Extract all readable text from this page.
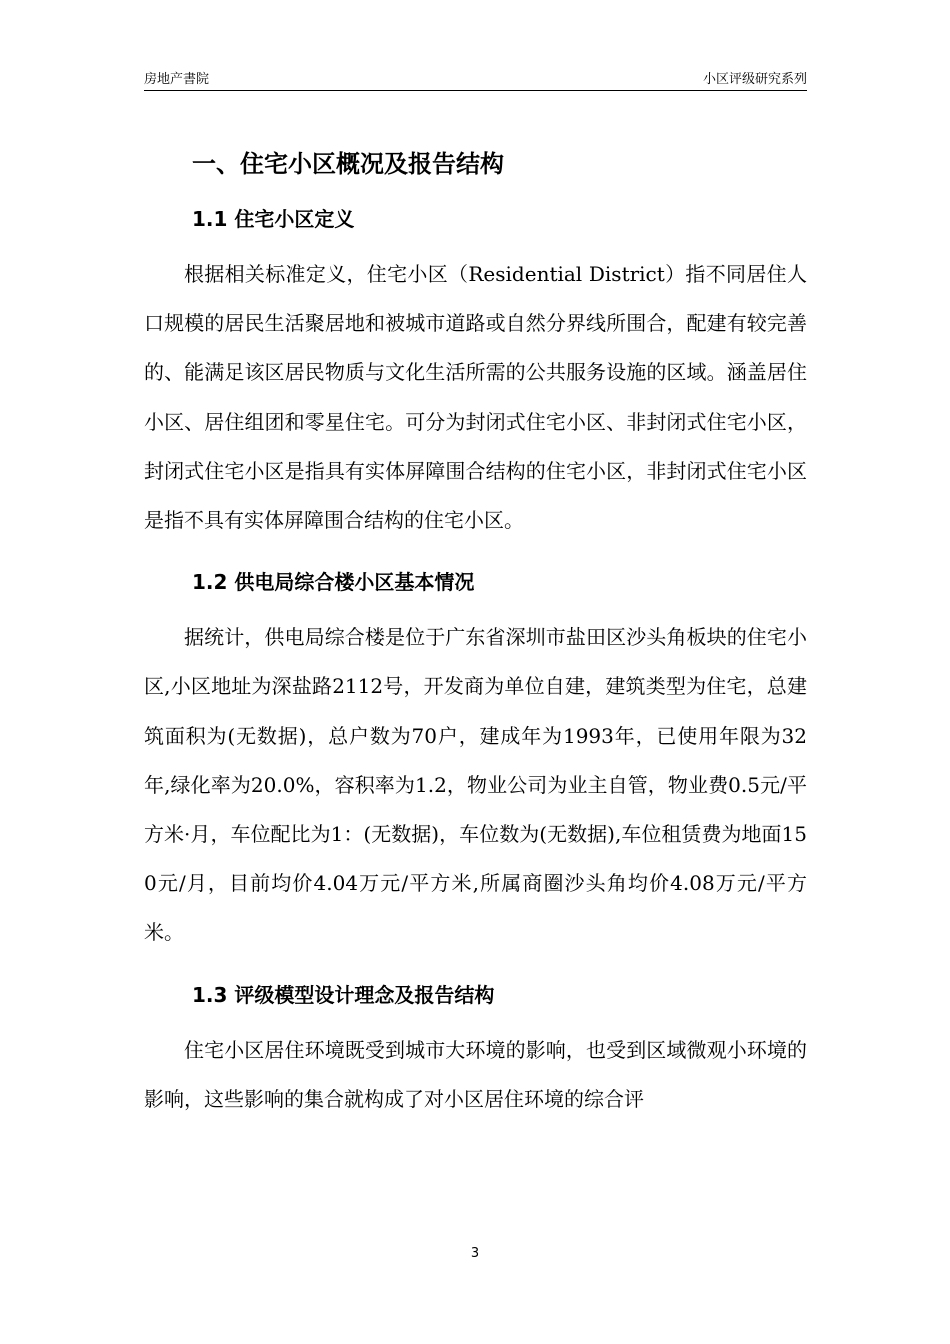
房地产書院	小区评级研究系列
一、住宅小区概况及报告结构
1.1 住宅小区定义

根据相关标准定义，住宅小区（Residential District）指不同居住人口规模的居民生活聚居地和被城市道路或自然分界线所围合，配建有较完善的、能满足该区居民物质与文化生活所需的公共服务设施的区域。涵盖居住小区、居住组团和零星住宅。可分为封闭式住宅小区、非封闭式住宅小区，封闭式住宅小区是指具有实体屏障围合结构的住宅小区，非封闭式住宅小区是指不具有实体屏障围合结构的住宅小区。

1.2 供电局综合楼小区基本情况

据统计，供电局综合楼是位于广东省深圳市盐田区沙头角板块的住宅小区,小区地址为深盐路2112号，开发商为单位自建，建筑类型为住宅，总建筑面积为(无数据)，总户数为70户，建成年为1993年，已使用年限为32年,绿化率为20.0%，容积率为1.2，物业公司为业主自管，物业费0.5元/平方米·月，车位配比为1：(无数据)，车位数为(无数据),车位租赁费为地面150元/月，目前均价4.04万元/平方米,所属商圈沙头角均价4.08万元/平方米。

1.3 评级模型设计理念及报告结构

住宅小区居住环境既受到城市大环境的影响，也受到区域微观小环境的影响，这些影响的集合就构成了对小区居住环境的综合评

3
